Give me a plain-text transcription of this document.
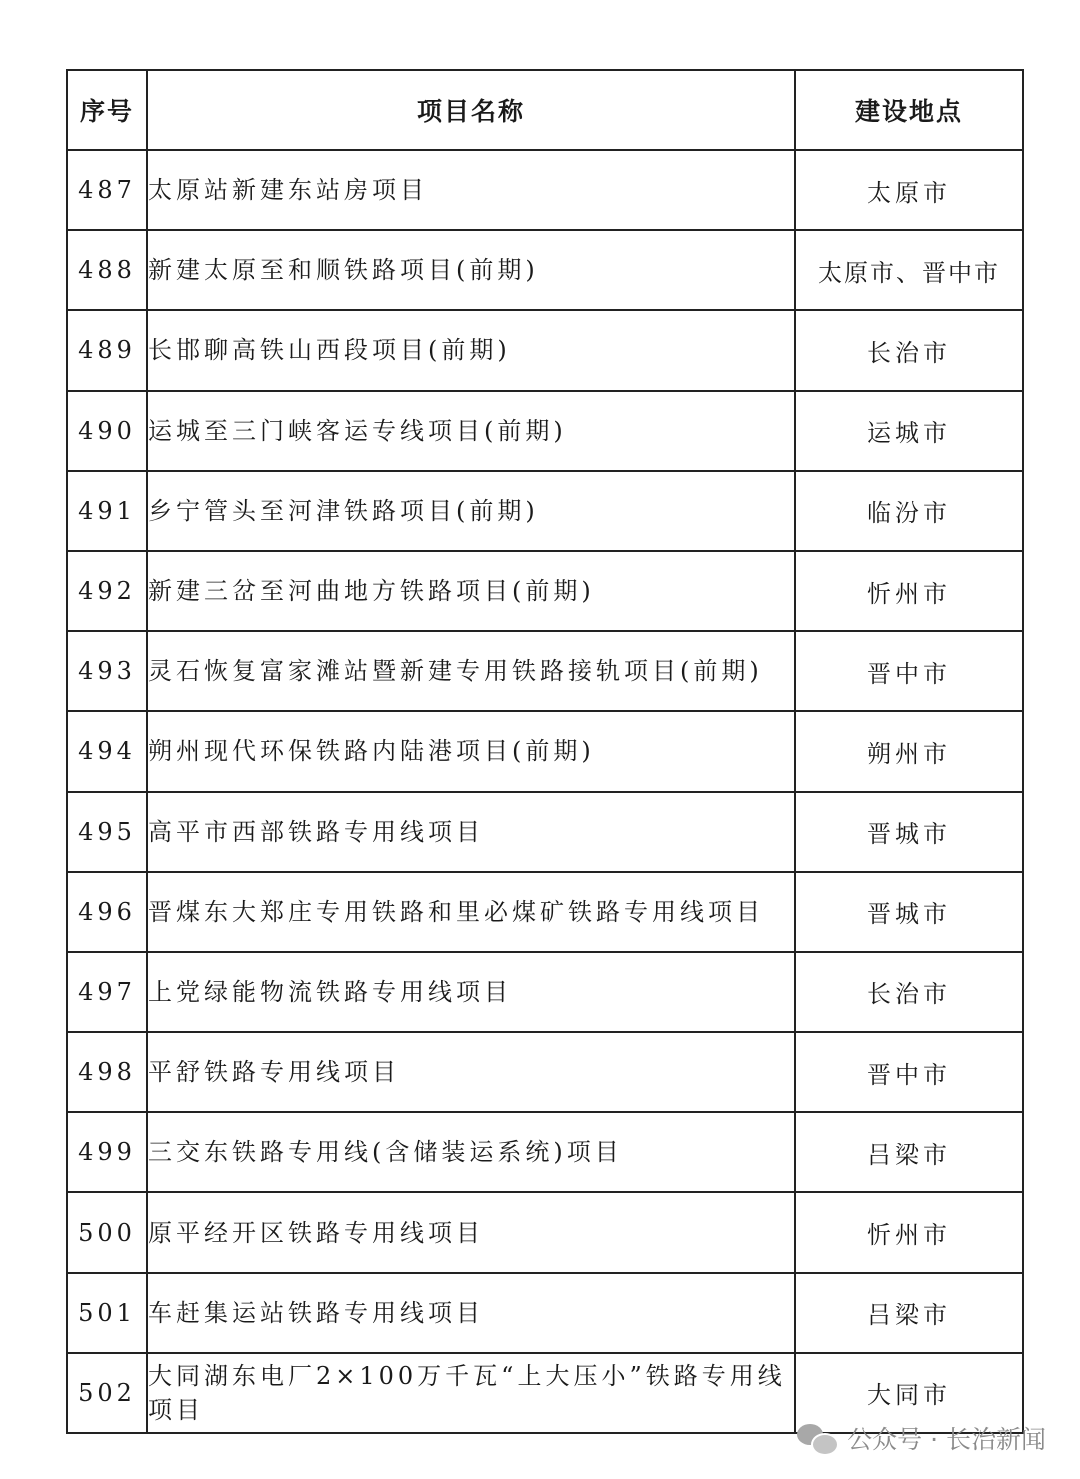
序号	项目名称	建设地点
487	太原站新建东站房项目	太原市
488	新建太原至和顺铁路项目(前期)	太原市、晋中市
489	长邯聊高铁山西段项目(前期)	长治市
490	运城至三门峡客运专线项目(前期)	运城市
491	乡宁管头至河津铁路项目(前期)	临汾市
492	新建三岔至河曲地方铁路项目(前期)	忻州市
493	灵石恢复富家滩站暨新建专用铁路接轨项目(前期)	晋中市
494	朔州现代环保铁路内陆港项目(前期)	朔州市
495	高平市西部铁路专用线项目	晋城市
496	晋煤东大郑庄专用铁路和里必煤矿铁路专用线项目	晋城市
497	上党绿能物流铁路专用线项目	长治市
498	平舒铁路专用线项目	晋中市
499	三交东铁路专用线(含储装运系统)项目	吕梁市
500	原平经开区铁路专用线项目	忻州市
501	车赶集运站铁路专用线项目	吕梁市
502	大同湖东电厂2×100万千瓦“上大压小”铁路专用线项目	大同市
公众号 · 长治新闻
